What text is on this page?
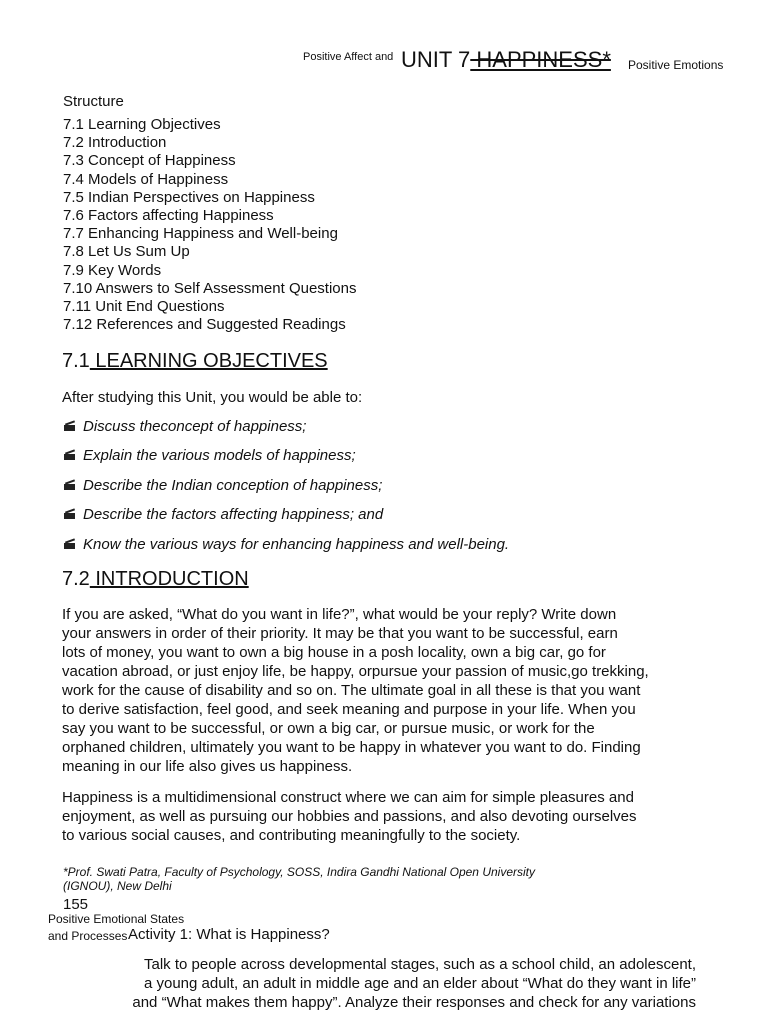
Positive Affect and UNIT 7 HAPPINESS* Positive Emotions
Structure
7.1 Learning Objectives
7.2 Introduction
7.3 Concept of Happiness
7.4 Models of Happiness
7.5 Indian Perspectives on Happiness
7.6 Factors affecting Happiness
7.7 Enhancing Happiness and Well-being
7.8 Let Us Sum Up
7.9 Key Words
7.10 Answers to Self Assessment Questions
7.11 Unit End Questions
7.12 References and Suggested Readings
7.1 LEARNING OBJECTIVES
After studying this Unit, you would be able to:
Discuss theconcept of happiness;
Explain the various models of happiness;
Describe the Indian conception of happiness;
Describe the factors affecting happiness; and
Know the various ways for enhancing happiness and well-being.
7.2 INTRODUCTION
If you are asked, “What do you want in life?”, what would be your reply? Write down
your answers in order of their priority. It may be that you want to be successful, earn
lots of money, you want to own a big house in a posh locality, own a big car, go for
vacation abroad, or just enjoy life, be happy, orpursue your passion of music,go trekking,
work for the cause of disability and so on. The ultimate goal in all these is that you want
to derive satisfaction, feel good, and seek meaning and purpose in your life. When you
say you want to be successful, or own a big car, or pursue music, or work for the
orphaned children, ultimately you want to be happy in whatever you want to do. Finding
meaning in our life also gives us happiness.
Happiness is a multidimensional construct where we can aim for simple pleasures and
enjoyment, as well as pursuing our hobbies and passions, and also devoting ourselves
to various social causes, and contributing meaningfully to the society.
*Prof. Swati Patra, Faculty of Psychology, SOSS, Indira Gandhi National Open University
(IGNOU), New Delhi
155
Positive Emotional States
and Processes Activity 1: What is Happiness?
Talk to people across developmental stages, such as a school child, an adolescent,
a young adult, an adult in middle age and an elder about “What do they want in life”
and “What makes them happy”. Analyze their responses and check for any variations
